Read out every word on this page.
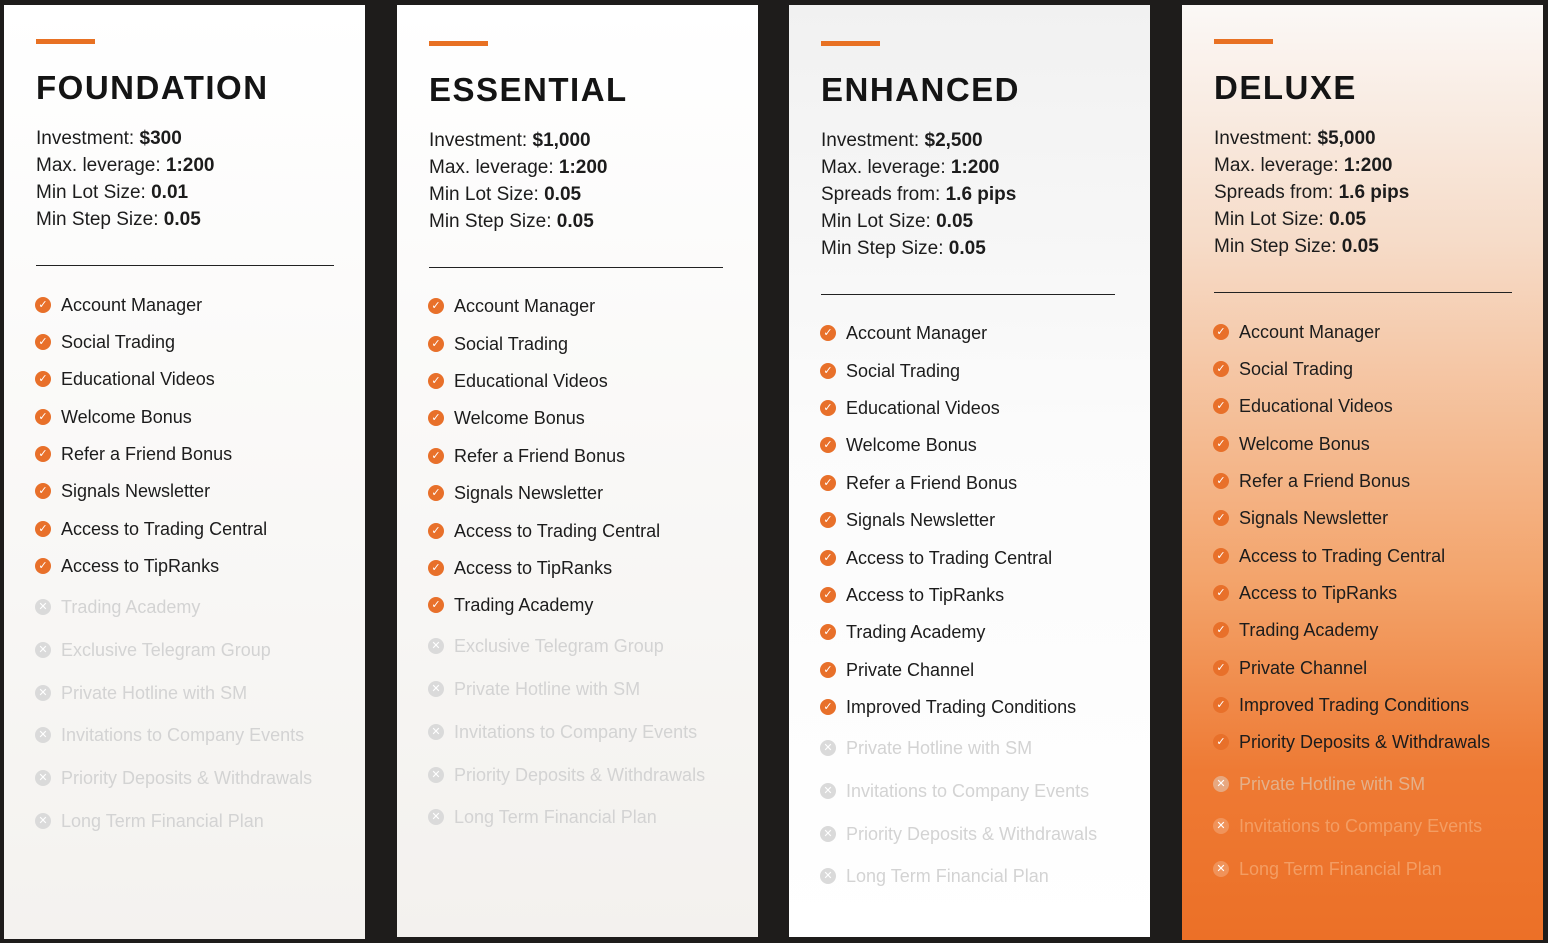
FOUNDATION
Investment: $300
Max. leverage: 1:200
Min Lot Size: 0.01
Min Step Size: 0.05
✓ Account Manager
✓ Social Trading
✓ Educational Videos
✓ Welcome Bonus
✓ Refer a Friend Bonus
✓ Signals Newsletter
✓ Access to Trading Central
✓ Access to TipRanks
✕ Trading Academy
✕ Exclusive Telegram Group
✕ Private Hotline with SM
✕ Invitations to Company Events
✕ Priority Deposits & Withdrawals
✕ Long Term Financial Plan
ESSENTIAL
Investment: $1,000
Max. leverage: 1:200
Min Lot Size: 0.05
Min Step Size: 0.05
✓ Account Manager
✓ Social Trading
✓ Educational Videos
✓ Welcome Bonus
✓ Refer a Friend Bonus
✓ Signals Newsletter
✓ Access to Trading Central
✓ Access to TipRanks
✓ Trading Academy
✕ Exclusive Telegram Group
✕ Private Hotline with SM
✕ Invitations to Company Events
✕ Priority Deposits & Withdrawals
✕ Long Term Financial Plan
ENHANCED
Investment: $2,500
Max. leverage: 1:200
Spreads from: 1.6 pips
Min Lot Size: 0.05
Min Step Size: 0.05
✓ Account Manager
✓ Social Trading
✓ Educational Videos
✓ Welcome Bonus
✓ Refer a Friend Bonus
✓ Signals Newsletter
✓ Access to Trading Central
✓ Access to TipRanks
✓ Trading Academy
✓ Private Channel
✓ Improved Trading Conditions
✕ Private Hotline with SM
✕ Invitations to Company Events
✕ Priority Deposits & Withdrawals
✕ Long Term Financial Plan
DELUXE
Investment: $5,000
Max. leverage: 1:200
Spreads from: 1.6 pips
Min Lot Size: 0.05
Min Step Size: 0.05
✓ Account Manager
✓ Social Trading
✓ Educational Videos
✓ Welcome Bonus
✓ Refer a Friend Bonus
✓ Signals Newsletter
✓ Access to Trading Central
✓ Access to TipRanks
✓ Trading Academy
✓ Private Channel
✓ Improved Trading Conditions
✓ Priority Deposits & Withdrawals
✕ Private Hotline with SM
✕ Invitations to Company Events
✕ Long Term Financial Plan
